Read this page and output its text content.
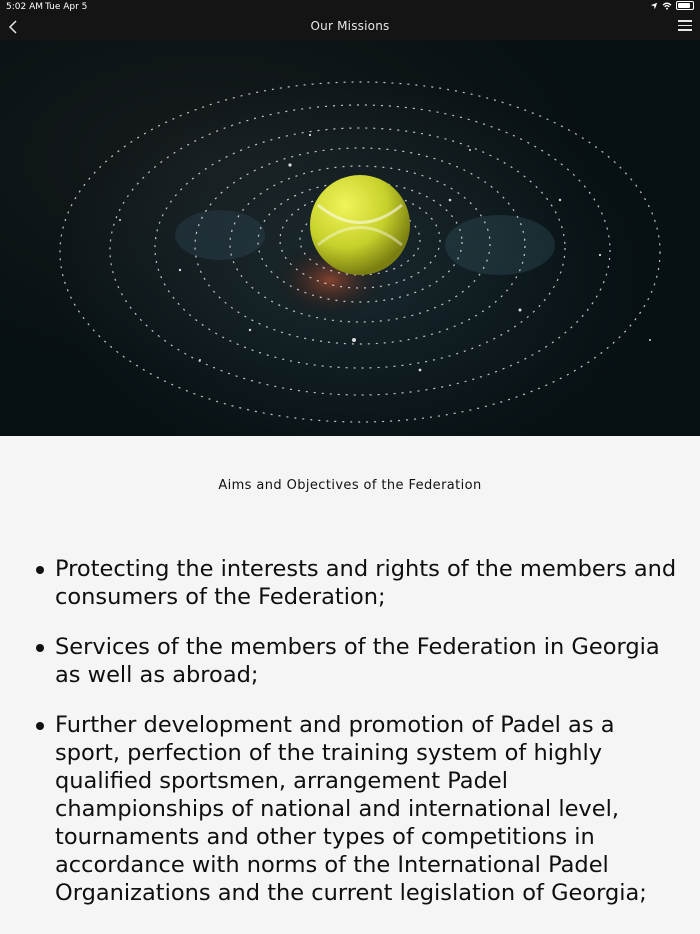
5:02 AM Tue Apr 5
Our Missions
Aims and Objectives of the Federation
Protecting the interests and rights of the members and consumers of the Federation;
Services of the members of the Federation in Georgia as well as abroad;
Further development and promotion of Padel as a sport, perfection of the training system of highly qualified sportsmen, arrangement Padel championships of national and international level, tournaments and other types of competitions in accordance with norms of the International Padel Organizations and the current legislation of Georgia;
